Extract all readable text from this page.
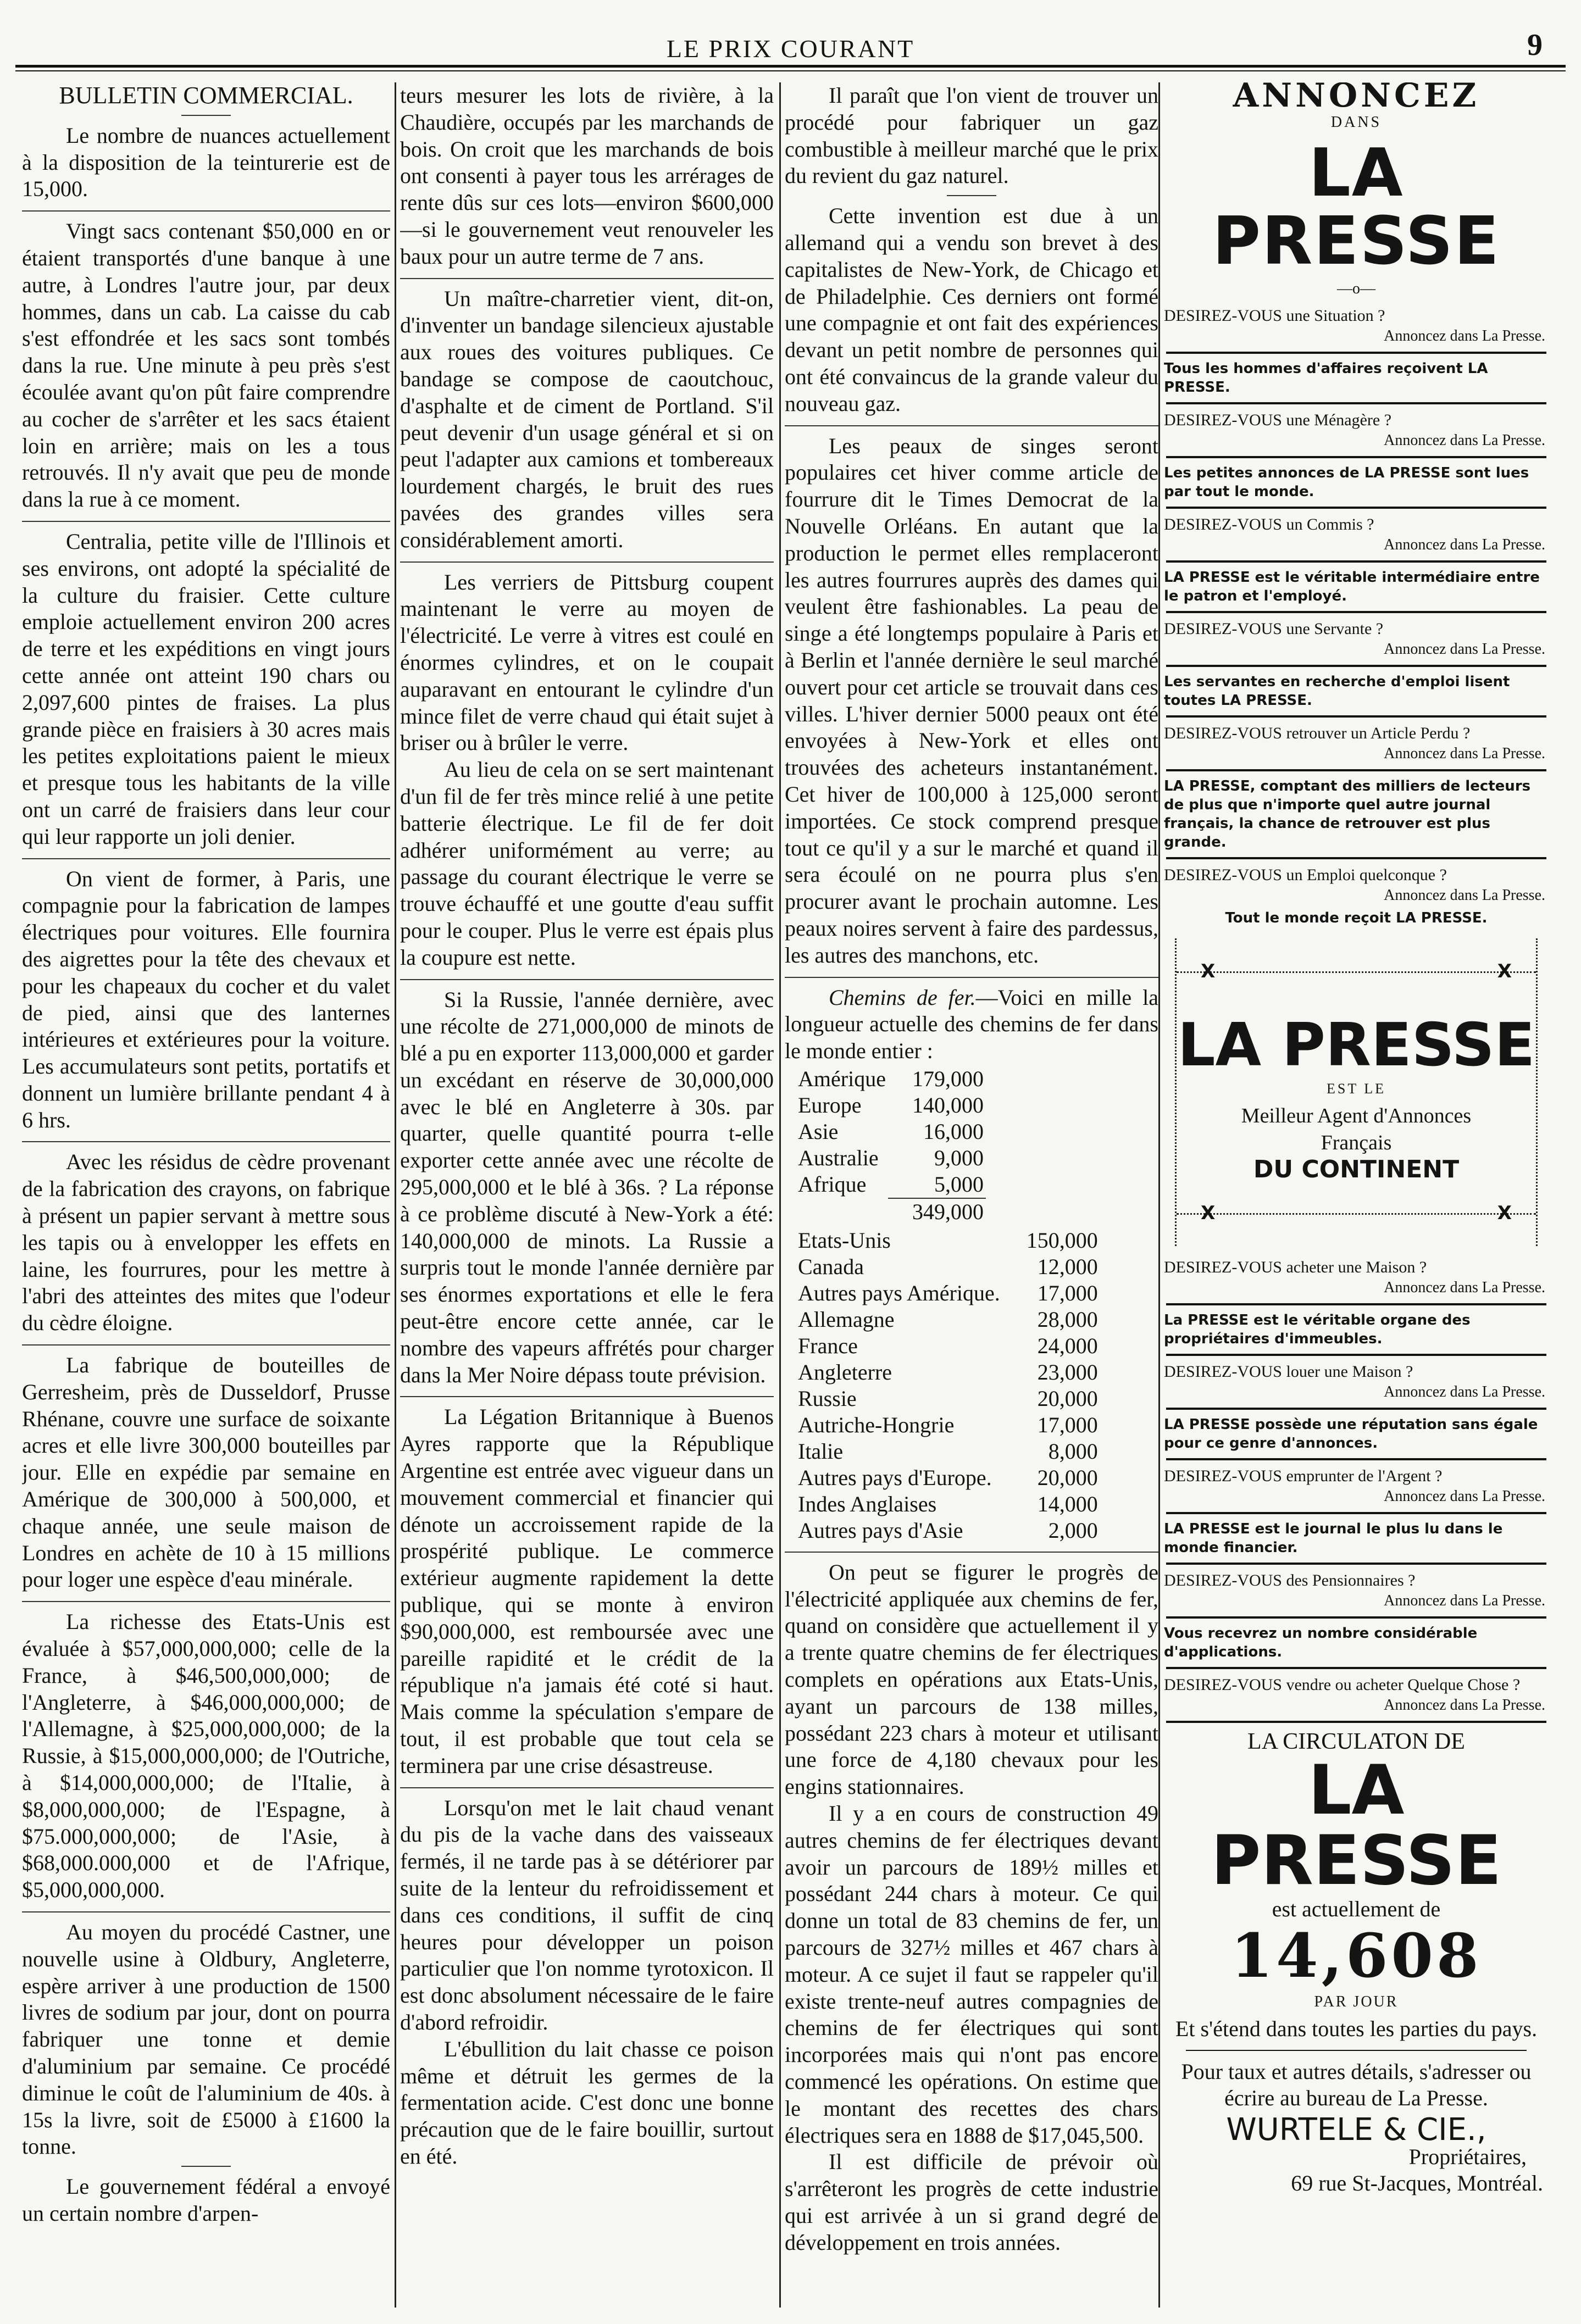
LE PRIX COURANT	9

BULLETIN COMMERCIAL.

Le nombre de nuances actuellement à la disposition de la teinturerie est de 15,000.

Vingt sacs contenant $50,000 en or étaient transportés d'une banque à une autre, à Londres l'autre jour, par deux hommes, dans un cab. La caisse du cab s'est effondrée et les sacs sont tombés dans la rue. Une minute à peu près s'est écoulée avant qu'on pût faire comprendre au cocher de s'arrêter et les sacs étaient loin en arrière; mais on les a tous retrouvés. Il n'y avait que peu de monde dans la rue à ce moment.

Centralia, petite ville de l'Illinois et ses environs, ont adopté la spécialité de la culture du fraisier. Cette culture emploie actuellement environ 200 acres de terre et les expéditions en vingt jours cette année ont atteint 190 chars ou 2,097,600 pintes de fraises. La plus grande pièce en fraisiers à 30 acres mais les petites exploitations paient le mieux et presque tous les habitants de la ville ont un carré de fraisiers dans leur cour qui leur rapporte un joli denier.

On vient de former, à Paris, une compagnie pour la fabrication de lampes électriques pour voitures. Elle fournira des aigrettes pour la tête des chevaux et pour les chapeaux du cocher et du valet de pied, ainsi que des lanternes intérieures et extérieures pour la voiture. Les accumulateurs sont petits, portatifs et donnent un lumière brillante pendant 4 à 6 hrs.

Avec les résidus de cèdre provenant de la fabrication des crayons, on fabrique à présent un papier servant à mettre sous les tapis ou à envelopper les effets en laine, les fourrures, pour les mettre à l'abri des atteintes des mites que l'odeur du cèdre éloigne.

La fabrique de bouteilles de Gerresheim, près de Dusseldorf, Prusse Rhénane, couvre une surface de soixante acres et elle livre 300,000 bouteilles par jour. Elle en expédie par semaine en Amérique de 300,000 à 500,000, et chaque année, une seule maison de Londres en achète de 10 à 15 millions pour loger une espèce d'eau minérale.

La richesse des Etats-Unis est évaluée à $57,000,000,000; celle de la France, à $46,500,000,000; de l'Angleterre, à $46,000,000,000; de l'Allemagne, à $25,000,000,000; de la Russie, à $15,000,000,000; de l'Outriche, à $14,000,000,000; de l'Italie, à $8,000,000,000; de l'Espagne, à $75.000,000,000; de l'Asie, à $68,000.000,000 et de l'Afrique, $5,000,000,000.

Au moyen du procédé Castner, une nouvelle usine à Oldbury, Angleterre, espère arriver à une production de 1500 livres de sodium par jour, dont on pourra fabriquer une tonne et demie d'aluminium par semaine. Ce procédé diminue le coût de l'aluminium de 40s. à 15s la livre, soit de £5000 à £1600 la tonne.

Le gouvernement fédéral a envoyé un certain nombre d'arpen-

teurs mesurer les lots de rivière, à la Chaudière, occupés par les marchands de bois. On croit que les marchands de bois ont consenti à payer tous les arrérages de rente dûs sur ces lots—environ $600,000 —si le gouvernement veut renouveler les baux pour un autre terme de 7 ans.

Un maître-charretier vient, dit-on, d'inventer un bandage silencieux ajustable aux roues des voitures publiques. Ce bandage se compose de caoutchouc, d'asphalte et de ciment de Portland. S'il peut devenir d'un usage général et si on peut l'adapter aux camions et tombereaux lourdement chargés, le bruit des rues pavées des grandes villes sera considérablement amorti.

Les verriers de Pittsburg coupent maintenant le verre au moyen de l'électricité. Le verre à vitres est coulé en énormes cylindres, et on le coupait auparavant en entourant le cylindre d'un mince filet de verre chaud qui était sujet à briser ou à brûler le verre.

Au lieu de cela on se sert maintenant d'un fil de fer très mince relié à une petite batterie électrique. Le fil de fer doit adhérer uniformément au verre; au passage du courant électrique le verre se trouve échauffé et une goutte d'eau suffit pour le couper. Plus le verre est épais plus la coupure est nette.

Si la Russie, l'année dernière, avec une récolte de 271,000,000 de minots de blé a pu en exporter 113,000,000 et garder un excédant en réserve de 30,000,000 avec le blé en Angleterre à 30s. par quarter, quelle quantité pourra t-elle exporter cette année avec une récolte de 295,000,000 et le blé à 36s. ? La réponse à ce problème discuté à New-York a été: 140,000,000 de minots. La Russie a surpris tout le monde l'année dernière par ses énormes exportations et elle le fera peut-être encore cette année, car le nombre des vapeurs affrétés pour charger dans la Mer Noire dépass toute prévision.

La Légation Britannique à Buenos Ayres rapporte que la République Argentine est entrée avec vigueur dans un mouvement commercial et financier qui dénote un accroissement rapide de la prospérité publique. Le commerce extérieur augmente rapidement la dette publique, qui se monte à environ $90,000,000, est remboursée avec une pareille rapidité et le crédit de la république n'a jamais été coté si haut. Mais comme la spéculation s'empare de tout, il est probable que tout cela se terminera par une crise désastreuse.

Lorsqu'on met le lait chaud venant du pis de la vache dans des vaisseaux fermés, il ne tarde pas à se détériorer par suite de la lenteur du refroidissement et dans ces conditions, il suffit de cinq heures pour développer un poison particulier que l'on nomme tyrotoxicon. Il est donc absolument nécessaire de le faire d'abord refroidir.

L'ébullition du lait chasse ce poison même et détruit les germes de la fermentation acide. C'est donc une bonne précaution que de le faire bouillir, surtout en été.

Il paraît que l'on vient de trouver un procédé pour fabriquer un gaz combustible à meilleur marché que le prix du revient du gaz naturel.

Cette invention est due à un allemand qui a vendu son brevet à des capitalistes de New-York, de Chicago et de Philadelphie. Ces derniers ont formé une compagnie et ont fait des expériences devant un petit nombre de personnes qui ont été convaincus de la grande valeur du nouveau gaz.

Les peaux de singes seront populaires cet hiver comme article de fourrure dit le Times Democrat de la Nouvelle Orléans. En autant que la production le permet elles remplaceront les autres fourrures auprès des dames qui veulent être fashionables. La peau de singe a été longtemps populaire à Paris et à Berlin et l'année dernière le seul marché ouvert pour cet article se trouvait dans ces villes. L'hiver dernier 5000 peaux ont été envoyées à New-York et elles ont trouvées des acheteurs instantanément. Cet hiver de 100,000 à 125,000 seront importées. Ce stock comprend presque tout ce qu'il y a sur le marché et quand il sera écoulé on ne pourra plus s'en procurer avant le prochain automne. Les peaux noires servent à faire des pardessus, les autres des manchons, etc.

Chemins de fer.—Voici en mille la longueur actuelle des chemins de fer dans le monde entier :

Amérique	179,000
Europe	140,000
Asie	16,000
Australie	9,000
Afrique	5,000
	349,000
Etats-Unis	150,000
Canada	12,000
Autres pays Amérique.	17,000
Allemagne	28,000
France	24,000
Angleterre	23,000
Russie	20,000
Autriche-Hongrie	17,000
Italie	8,000
Autres pays d'Europe.	20,000
Indes Anglaises	14,000
Autres pays d'Asie	2,000

On peut se figurer le progrès de l'électricité appliquée aux chemins de fer, quand on considère que actuellement il y a trente quatre chemins de fer électriques complets en opérations aux Etats-Unis, ayant un parcours de 138 milles, possédant 223 chars à moteur et utilisant une force de 4,180 chevaux pour les engins stationnaires.

Il y a en cours de construction 49 autres chemins de fer électriques devant avoir un parcours de 189½ milles et possédant 244 chars à moteur. Ce qui donne un total de 83 chemins de fer, un parcours de 327½ milles et 467 chars à moteur. A ce sujet il faut se rappeler qu'il existe trente-neuf autres compagnies de chemins de fer électriques qui sont incorporées mais qui n'ont pas encore commencé les opérations. On estime que le montant des recettes des chars électriques sera en 1888 de $17,045,500.

Il est difficile de prévoir où s'arrêteront les progrès de cette industrie qui est arrivée à un si grand degré de développement en trois années.

ANNONCEZ
DANS
LA PRESSE
—o—
DESIREZ-VOUS une Situation ?
Annoncez dans La Presse.
Tous les hommes d'affaires reçoivent LA PRESSE.
DESIREZ-VOUS une Ménagère ?
Annoncez dans La Presse.
Les petites annonces de LA PRESSE sont lues par tout le monde.
DESIREZ-VOUS un Commis ?
Annoncez dans La Presse.
LA PRESSE est le véritable intermédiaire entre le patron et l'employé.
DESIREZ-VOUS une Servante ?
Annoncez dans La Presse.
Les servantes en recherche d'emploi lisent toutes LA PRESSE.
DESIREZ-VOUS retrouver un Article Perdu ?
Annoncez dans La Presse.
LA PRESSE, comptant des milliers de lecteurs de plus que n'importe quel autre journal français, la chance de retrouver est plus grande.
DESIREZ-VOUS un Emploi quelconque ?
Annoncez dans La Presse.
Tout le monde reçoit LA PRESSE.
X	X
X	X
LA PRESSE
EST LE
Meilleur Agent d'Annonces
Français
DU CONTINENT
DESIREZ-VOUS acheter une Maison ?
Annoncez dans La Presse.
La PRESSE est le véritable organe des propriétaires d'immeubles.
DESIREZ-VOUS louer une Maison ?
Annoncez dans La Presse.
LA PRESSE possède une réputation sans égale pour ce genre d'annonces.
DESIREZ-VOUS emprunter de l'Argent ?
Annoncez dans La Presse.
LA PRESSE est le journal le plus lu dans le monde financier.
DESIREZ-VOUS des Pensionnaires ?
Annoncez dans La Presse.
Vous recevrez un nombre considérable d'applications.
DESIREZ-VOUS vendre ou acheter Quelque Chose ?
Annoncez dans La Presse.
LA CIRCULATON DE
LA PRESSE
est actuellement de
14,608
PAR JOUR
Et s'étend dans toutes les parties du pays.
Pour taux et autres détails, s'adresser ou écrire au bureau de La Presse.
WURTELE & CIE.,
Propriétaires,
69 rue St-Jacques, Montréal.
